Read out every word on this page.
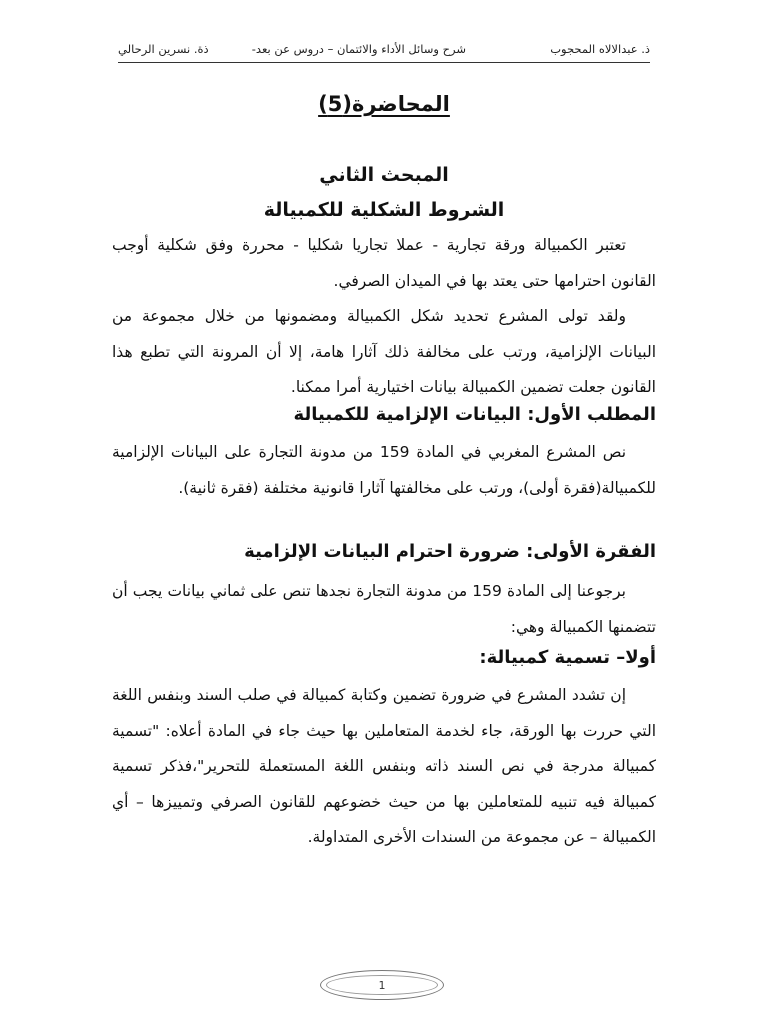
ذ. عبدالالاه المحجوب
شرح وسائل الأداء والائتمان – دروس عن بعد-
ذة. نسرين الرحالي
المحاضرة(5)
المبحث الثاني
الشروط الشكلية للكمبيالة

تعتبر الكمبيالة ورقة تجارية - عملا تجاريا شكليا - محررة وفق شكلية أوجب القانون احترامها حتى يعتد بها في الميدان الصرفي.

ولقد تولى المشرع تحديد شكل الكمبيالة ومضمونها من خلال مجموعة من البيانات الإلزامية، ورتب على مخالفة ذلك آثارا هامة، إلا أن المرونة التي تطبع هذا القانون جعلت تضمين الكمبيالة بيانات اختيارية أمرا ممكنا.

المطلب الأول: البيانات الإلزامية للكمبيالة

نص المشرع المغربي في المادة 159 من مدونة التجارة على البيانات الإلزامية للكمبيالة(فقرة أولى)، ورتب على مخالفتها آثارا قانونية مختلفة (فقرة ثانية).

الفقرة الأولى: ضرورة احترام البيانات الإلزامية

برجوعنا إلى المادة 159 من مدونة التجارة نجدها تنص على ثماني بيانات يجب أن تتضمنها الكمبيالة وهي:

أولا– تسمية كمبيالة:

إن تشدد المشرع في ضرورة تضمين وكتابة كمبيالة في صلب السند وبنفس اللغة التي حررت بها الورقة، جاء لخدمة المتعاملين بها حيث جاء في المادة أعلاه: "تسمية كمبيالة مدرجة في نص السند ذاته وبنفس اللغة المستعملة للتحرير"،فذكر تسمية كمبيالة فيه تنبيه للمتعاملين بها من حيث خضوعهم للقانون الصرفي وتمييزها – أي الكمبيالة – عن مجموعة من السندات الأخرى المتداولة.

1
